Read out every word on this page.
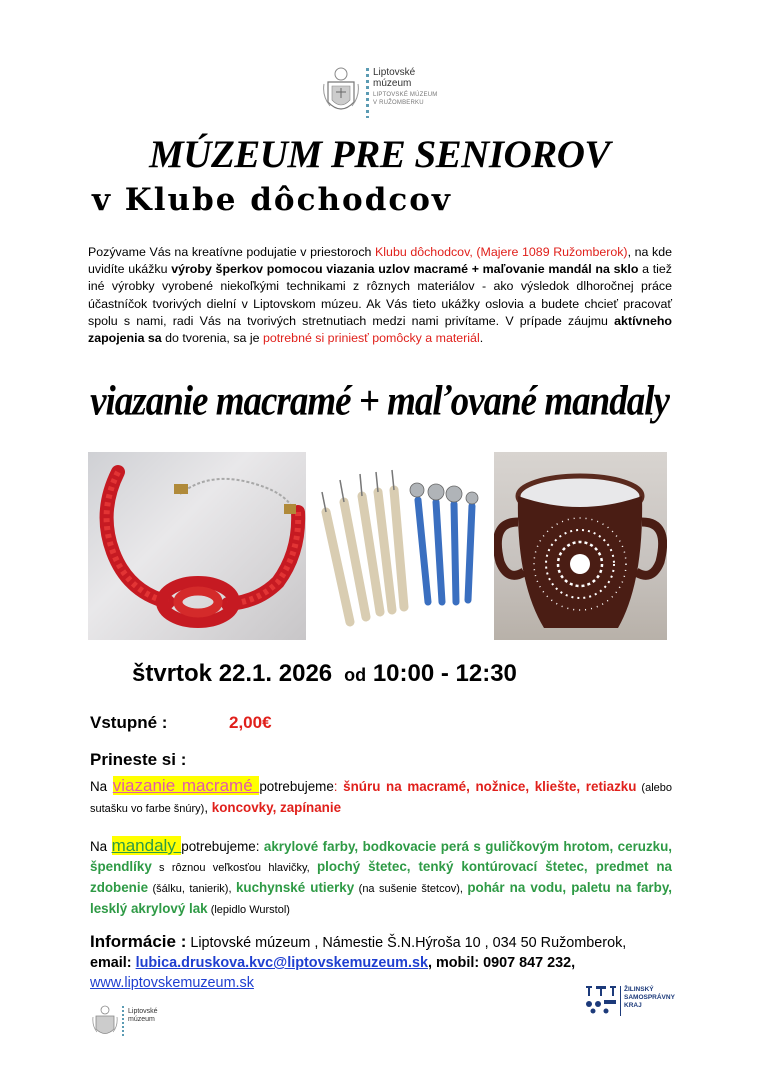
Liptovské
múzeum
LIPTOVSKÉ MÚZEUM
V RUŽOMBERKU
MÚZEUM PRE SENIOROV
v Klube dôchodcov
Pozývame Vás na kreatívne podujatie v priestoroch Klubu dôchodcov, (Majere 1089 Ružomberok), na kde uvidíte ukážku výroby šperkov pomocou viazania uzlov macramé + maľovanie mandál na sklo a tiež iné výrobky vyrobené niekoľkými technikami z rôznych materiálov - ako výsledok dlhoročnej práce účastníčok tvorivých dielní v Liptovskom múzeu. Ak Vás tieto ukážky oslovia a budete chcieť pracovať spolu s nami, radi Vás na tvorivých stretnutiach medzi nami privítame. V prípade záujmu aktívneho zapojenia sa do tvorenia, sa je potrebné si priniesť pomôcky a materiál.
viazanie macramé + maľované mandaly
štvrtok 22.1. 2026 od 10:00 - 12:30
Vstupné :	2,00€
Prineste si :
Na viazanie macramé potrebujeme: šnúru na macramé, nožnice, kliešte, retiazku (alebo sutašku vo farbe šnúry), koncovky, zapínanie
Na mandaly potrebujeme: akrylové farby, bodkovacie perá s guličkovým hrotom, ceruzku, špendlíky s rôznou veľkosťou hlavičky, plochý štetec, tenký kontúrovací štetec, predmet na zdobenie (šálku, tanierik), kuchynské utierky (na sušenie štetcov), pohár na vodu, paletu na farby, lesklý akrylový lak (lepidlo Wurstol)
Informácie : Liptovské múzeum , Námestie Š.N.Hýroša 10 , 034 50 Ružomberok,
email: lubica.druskova.kvc@liptovskemuzeum.sk, mobil: 0907 847 232,
www.liptovskemuzeum.sk
Liptovské
múzeum
ŽILINSKÝ
SAMOSPRÁVNY
KRAJ
